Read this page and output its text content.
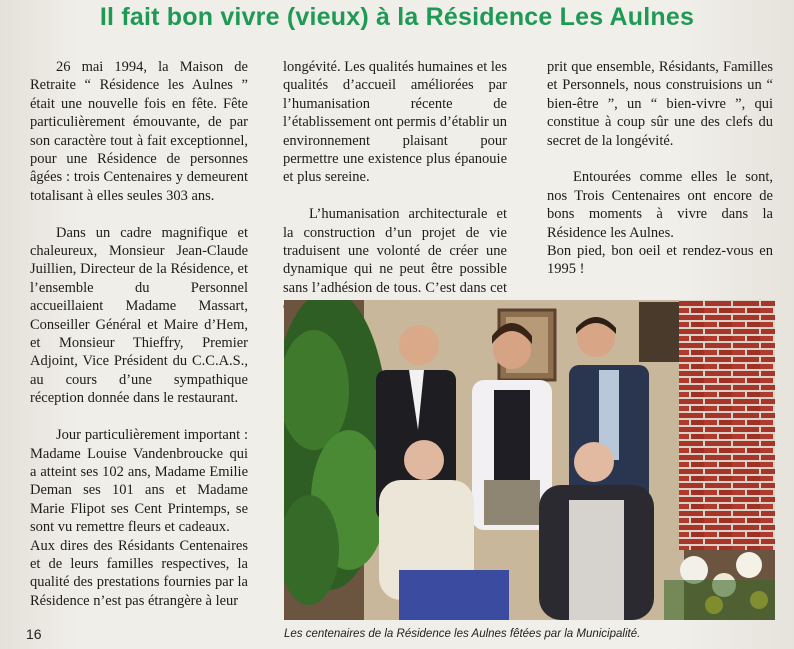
Il fait bon vivre (vieux) à la Résidence Les Aulnes

26 mai 1994, la Maison de Retraite “ Résidence les Aulnes ” était une nouvelle fois en fête. Fête particulièrement émouvante, de par son caractère tout à fait exceptionnel, pour une Résidence de personnes âgées : trois Centenaires y demeurent totalisant à elles seules 303 ans.

Dans un cadre magnifique et chaleureux, Monsieur Jean-Claude Juillien, Directeur de la Résidence, et l’ensemble du Personnel accueillaient Madame Massart, Conseiller Général et Maire d’Hem, et Monsieur Thieffry, Premier Adjoint, Vice Président du C.C.A.S., au cours d’une sympathique réception donnée dans le restaurant.

Jour particulièrement important : Madame Louise Vandenbroucke qui a atteint ses 102 ans, Madame Emilie Deman ses 101 ans et Madame Marie Flipot ses Cent Printemps, se sont vu remettre fleurs et cadeaux.

Aux dires des Résidants Centenaires et de leurs familles respectives, la qualité des prestations fournies par la Résidence n’est pas étrangère à leur

longévité. Les qualités humaines et les qualités d’accueil améliorées par l’humanisation récente de l’établissement ont permis d’établir un environnement plaisant pour permettre une existence plus épanouie et plus sereine.

L’humanisation architecturale et la construction d’un projet de vie traduisent une volonté de créer une dynamique qui ne peut être possible sans l’adhésion de tous. C’est dans cet

prit que ensemble, Résidants, Familles et Personnels, nous construisions un “ bien-être ”, un “ bien-vivre ”, qui constitue à coup sûr une des clefs du secret de la longévité.

Entourées comme elles le sont, nos Trois Centenaires ont encore de bons moments à vivre dans la Résidence les Aulnes.

Bon pied, bon oeil et rendez-vous en 1995 !

Les centenaires de la Résidence les Aulnes fêtées par la Municipalité.
16
